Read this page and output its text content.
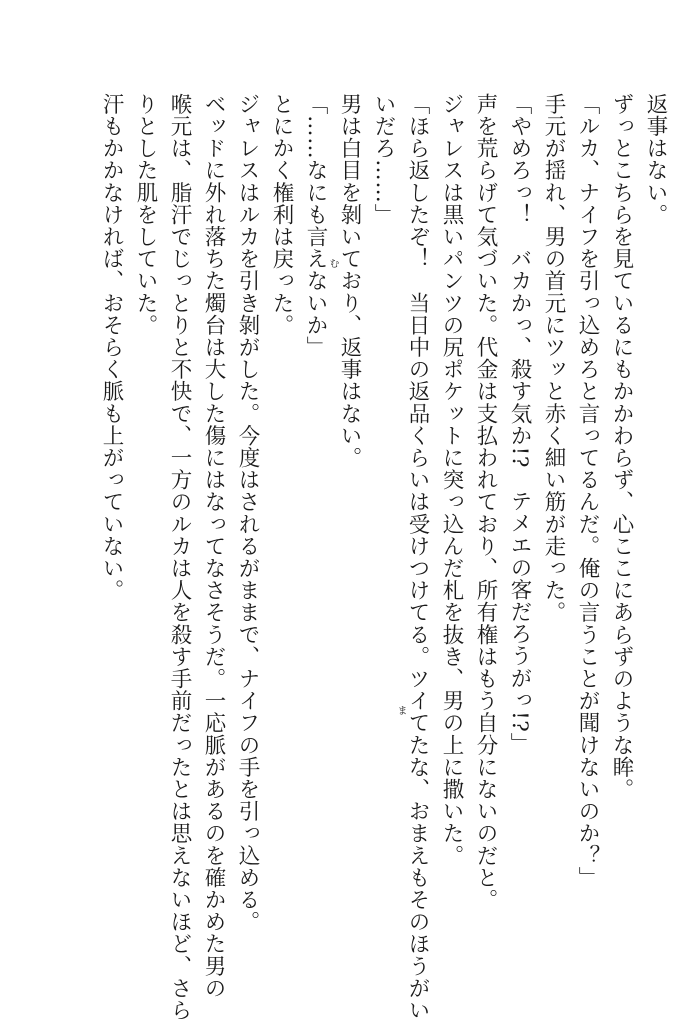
返事はない。
ずっとこちらを見ているにもかかわらず、心ここにあらずのような眸。
「ルカ、ナイフを引っ込めろと言ってるんだ。俺の言うことが聞けないのか？」
手元が揺れ、男の首元にツッと赤く細い筋が走った。
「やめろっ！　バカかっ、殺す気か!?　テメエの客だろうがっ!?」
声を荒らげて気づいた。代金は支払われており、所有権はもう自分にないのだと。
ジャレスは黒いパンツの尻ポケットに突っ込んだ札を抜き、男の上に撒いた。
「ほら返したぞ！　当日中の返品くらいは受けつけてる。ツイてたな、おまえもそのほうがい
いだろ……」
男は白目を剝いており、返事はない。
「……なにも言えないか」
とにかく権利は戻った。
ジャレスはルカを引き剝がした。今度はされるがままで、ナイフの手を引っ込める。
ベッドに外れ落ちた燭台は大した傷にはなってなさそうだ。一応脈があるのを確かめた男の
喉元は、脂汗でじっとりと不快で、一方のルカは人を殺す手前だったとは思えないほど、さら
りとした肌をしていた。
汗もかかなければ、おそらく脈も上がっていない。	む
ま
